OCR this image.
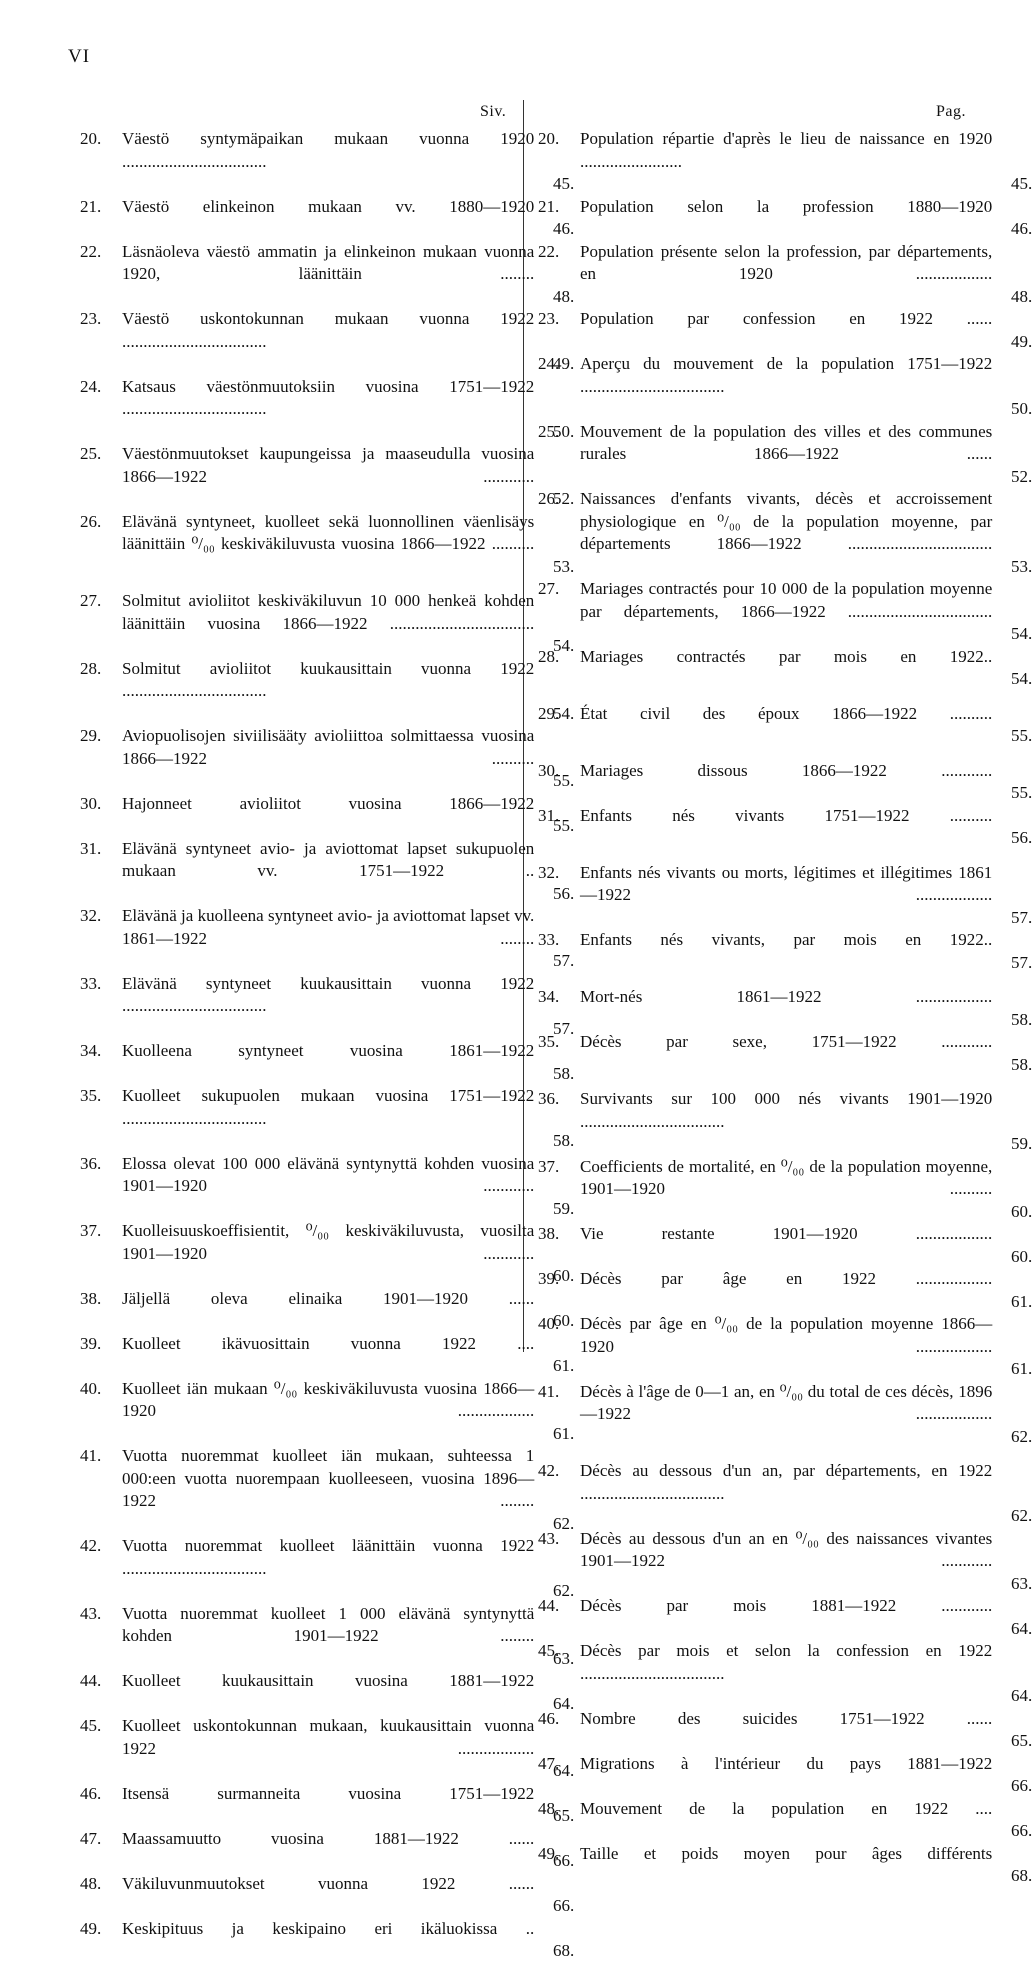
VI
Siv.	Pag.
20.	Väestö syntymäpaikan mukaan vuonna 1920 ..................................
45.
21.	Väestö elinkeinon mukaan vv. 1880—1920
46.
22.	Läsnäoleva väestö ammatin ja elinkeinon mukaan vuonna 1920, läänittäin ........
48.
23.	Väestö uskontokunnan mukaan vuonna 1922 ..................................
49.
24.	Katsaus väestönmuutoksiin vuosina 1751—1922 ..................................
50.
25.	Väestönmuutokset kaupungeissa ja maaseudulla vuosina 1866—1922 ............
52.
26.	Elävänä syntyneet, kuolleet sekä luonnollinen väenlisäys läänittäin ⁰/₀₀ keskiväkiluvusta vuosina 1866—1922 ..........
53.
27.	Solmitut avioliitot keskiväkiluvun 10 000 henkeä kohden läänittäin vuosina 1866—1922 ..................................
54.
28.	Solmitut avioliitot kuukausittain vuonna 1922 ..................................
54.
29.	Aviopuolisojen siviilisääty avioliittoa solmittaessa vuosina 1866—1922 ..........
55.
30.	Hajonneet avioliitot vuosina 1866—1922
55.
31.	Elävänä syntyneet avio- ja aviottomat lapset sukupuolen mukaan vv. 1751—1922 ..
56.
32.	Elävänä ja kuolleena syntyneet avio- ja aviottomat lapset vv. 1861—1922 ........
57.
33.	Elävänä syntyneet kuukausittain vuonna 1922 ..................................
57.
34.	Kuolleena syntyneet vuosina 1861—1922
58.
35.	Kuolleet sukupuolen mukaan vuosina 1751—1922 ..................................
58.
36.	Elossa olevat 100 000 elävänä syntynyttä kohden vuosina 1901—1920 ............
59.
37.	Kuolleisuuskoeffisientit, ⁰/₀₀ keskiväkiluvusta, vuosilta 1901—1920 ............
60.
38.	Jäljellä oleva elinaika 1901—1920 ......
60.
39.	Kuolleet ikävuosittain vuonna 1922 ....
61.
40.	Kuolleet iän mukaan ⁰/₀₀ keskiväkiluvusta vuosina 1866—1920 ..................
61.
41.	Vuotta nuoremmat kuolleet iän mukaan, suhteessa 1 000:een vuotta nuorempaan kuolleeseen, vuosina 1896—1922 ........
62.
42.	Vuotta nuoremmat kuolleet läänittäin vuonna 1922 ..................................
62.
43.	Vuotta nuoremmat kuolleet 1 000 elävänä syntynyttä kohden 1901—1922 ........
63.
44.	Kuolleet kuukausittain vuosina 1881—1922
64.
45.	Kuolleet uskontokunnan mukaan, kuukausittain vuonna 1922 ..................
64.
46.	Itsensä surmanneita vuosina 1751—1922
65.
47.	Maassamuutto vuosina 1881—1922 ......
66.
48.	Väkiluvunmuutokset vuonna 1922 ......
66.
49.	Keskipituus ja keskipaino eri ikäluokissa ..
68.
20.	Population répartie d'après le lieu de naissance en 1920 ........................
45.
21.	Population selon la profession 1880—1920
46.
22.	Population présente selon la profession, par départements, en 1920 ..................
48.
23.	Population par confession en 1922 ......
49.
24.	Aperçu du mouvement de la population 1751—1922 ..................................
50.
25.	Mouvement de la population des villes et des communes rurales 1866—1922 ......
52.
26.	Naissances d'enfants vivants, décès et accroissement physiologique en ⁰/₀₀ de la population moyenne, par départements 1866—1922 ..................................
53.
27.	Mariages contractés pour 10 000 de la population moyenne par départements, 1866—1922 ..................................
54.
28.	Mariages contractés par mois en 1922..
54.
29.	État civil des époux 1866—1922 ..........
55.
30.	Mariages dissous 1866—1922 ............
55.
31.	Enfants nés vivants 1751—1922 ..........
56.
32.	Enfants nés vivants ou morts, légitimes et illégitimes 1861—1922 ..................
57.
33.	Enfants nés vivants, par mois en 1922..
57.
34.	Mort-nés 1861—1922 ..................
58.
35.	Décès par sexe, 1751—1922 ............
58.
36.	Survivants sur 100 000 nés vivants 1901—1920 ..................................
59.
37.	Coefficients de mortalité, en ⁰/₀₀ de la population moyenne, 1901—1920 ..........
60.
38.	Vie restante 1901—1920 ..................
60.
39.	Décès par âge en 1922 ..................
61.
40.	Décès par âge en ⁰/₀₀ de la population moyenne 1866—1920 ..................
61.
41.	Décès à l'âge de 0—1 an, en ⁰/₀₀ du total de ces décès, 1896—1922 ..................
62.
42.	Décès au dessous d'un an, par départements, en 1922 ..................................
62.
43.	Décès au dessous d'un an en ⁰/₀₀ des naissances vivantes 1901—1922 ............
63.
44.	Décès par mois 1881—1922 ............
64.
45.	Décès par mois et selon la confession en 1922 ..................................
64.
46.	Nombre des suicides 1751—1922 ......
65.
47.	Migrations à l'intérieur du pays 1881—1922
66.
48.	Mouvement de la population en 1922 ....
66.
49.	Taille et poids moyen pour âges différents
68.
